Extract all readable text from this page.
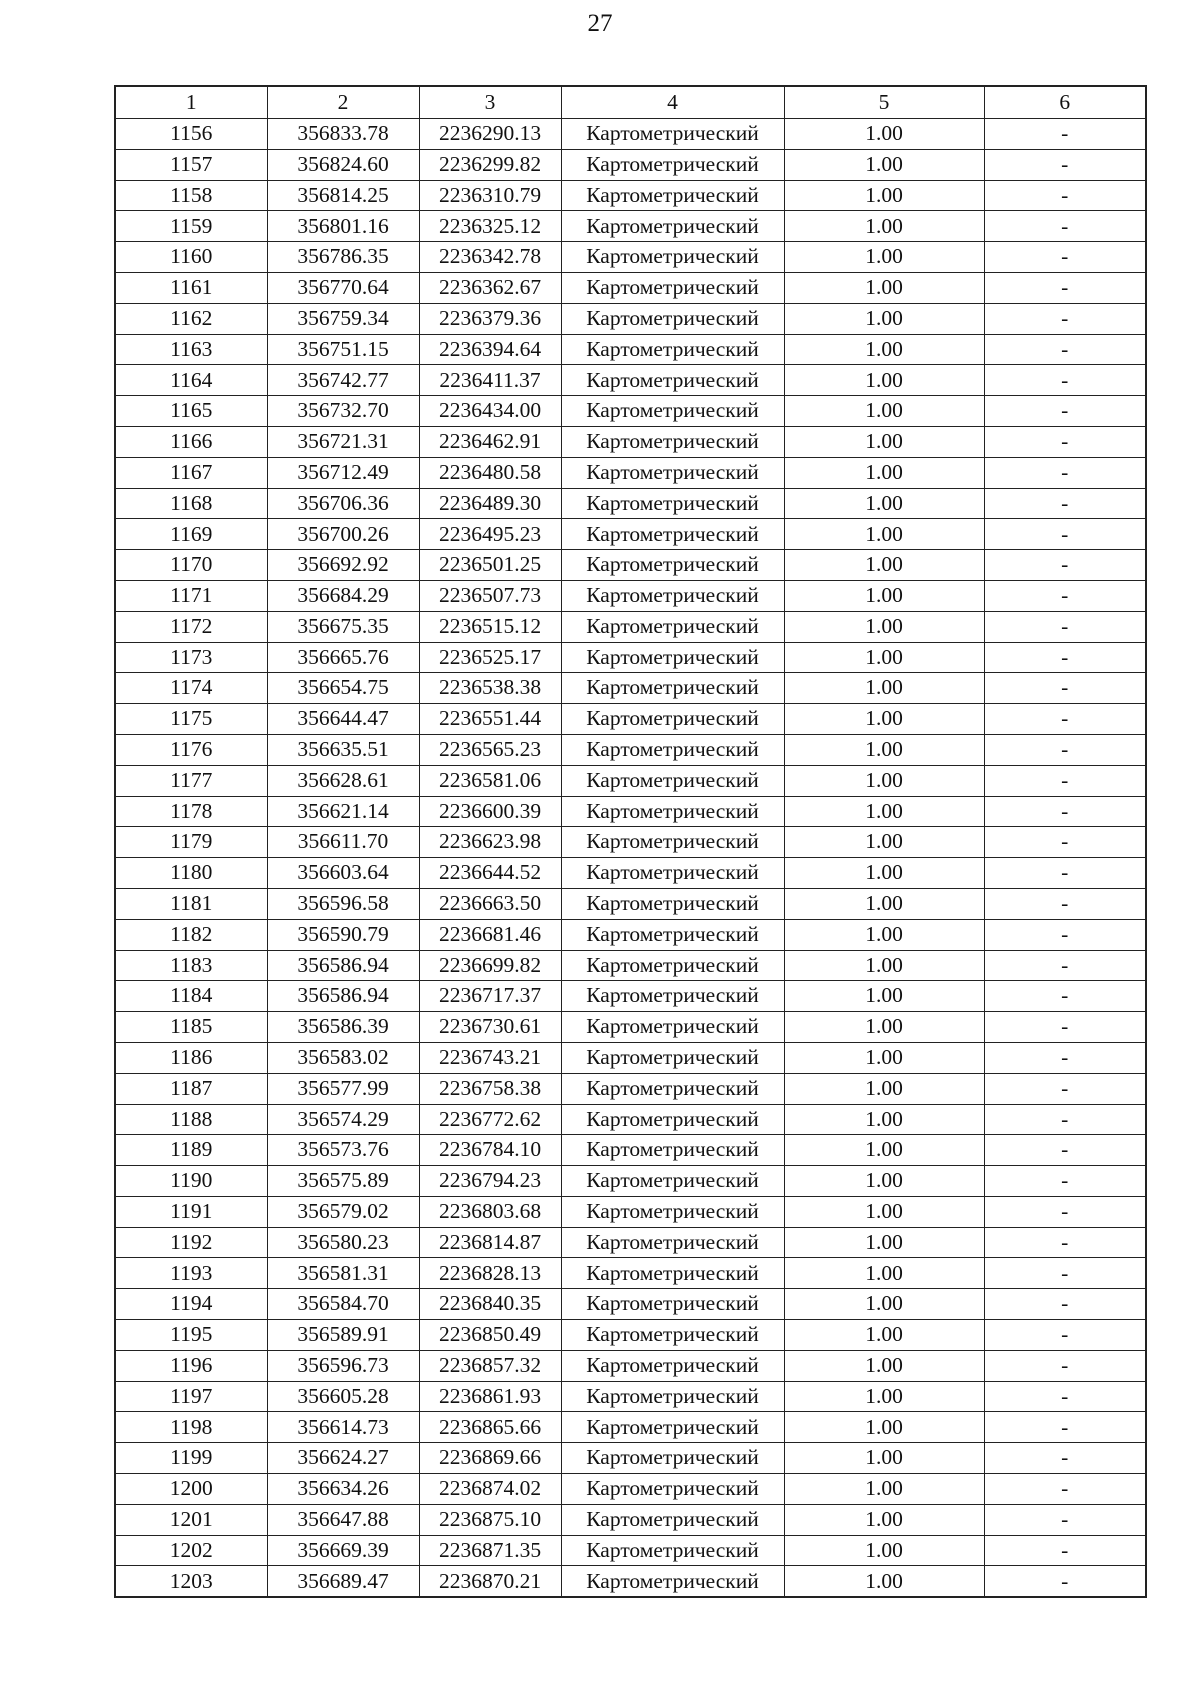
27
1	2	3	4	5	6
1156	356833.78	2236290.13	Картометрический	1.00	-
1157	356824.60	2236299.82	Картометрический	1.00	-
1158	356814.25	2236310.79	Картометрический	1.00	-
1159	356801.16	2236325.12	Картометрический	1.00	-
1160	356786.35	2236342.78	Картометрический	1.00	-
1161	356770.64	2236362.67	Картометрический	1.00	-
1162	356759.34	2236379.36	Картометрический	1.00	-
1163	356751.15	2236394.64	Картометрический	1.00	-
1164	356742.77	2236411.37	Картометрический	1.00	-
1165	356732.70	2236434.00	Картометрический	1.00	-
1166	356721.31	2236462.91	Картометрический	1.00	-
1167	356712.49	2236480.58	Картометрический	1.00	-
1168	356706.36	2236489.30	Картометрический	1.00	-
1169	356700.26	2236495.23	Картометрический	1.00	-
1170	356692.92	2236501.25	Картометрический	1.00	-
1171	356684.29	2236507.73	Картометрический	1.00	-
1172	356675.35	2236515.12	Картометрический	1.00	-
1173	356665.76	2236525.17	Картометрический	1.00	-
1174	356654.75	2236538.38	Картометрический	1.00	-
1175	356644.47	2236551.44	Картометрический	1.00	-
1176	356635.51	2236565.23	Картометрический	1.00	-
1177	356628.61	2236581.06	Картометрический	1.00	-
1178	356621.14	2236600.39	Картометрический	1.00	-
1179	356611.70	2236623.98	Картометрический	1.00	-
1180	356603.64	2236644.52	Картометрический	1.00	-
1181	356596.58	2236663.50	Картометрический	1.00	-
1182	356590.79	2236681.46	Картометрический	1.00	-
1183	356586.94	2236699.82	Картометрический	1.00	-
1184	356586.94	2236717.37	Картометрический	1.00	-
1185	356586.39	2236730.61	Картометрический	1.00	-
1186	356583.02	2236743.21	Картометрический	1.00	-
1187	356577.99	2236758.38	Картометрический	1.00	-
1188	356574.29	2236772.62	Картометрический	1.00	-
1189	356573.76	2236784.10	Картометрический	1.00	-
1190	356575.89	2236794.23	Картометрический	1.00	-
1191	356579.02	2236803.68	Картометрический	1.00	-
1192	356580.23	2236814.87	Картометрический	1.00	-
1193	356581.31	2236828.13	Картометрический	1.00	-
1194	356584.70	2236840.35	Картометрический	1.00	-
1195	356589.91	2236850.49	Картометрический	1.00	-
1196	356596.73	2236857.32	Картометрический	1.00	-
1197	356605.28	2236861.93	Картометрический	1.00	-
1198	356614.73	2236865.66	Картометрический	1.00	-
1199	356624.27	2236869.66	Картометрический	1.00	-
1200	356634.26	2236874.02	Картометрический	1.00	-
1201	356647.88	2236875.10	Картометрический	1.00	-
1202	356669.39	2236871.35	Картометрический	1.00	-
1203	356689.47	2236870.21	Картометрический	1.00	-
